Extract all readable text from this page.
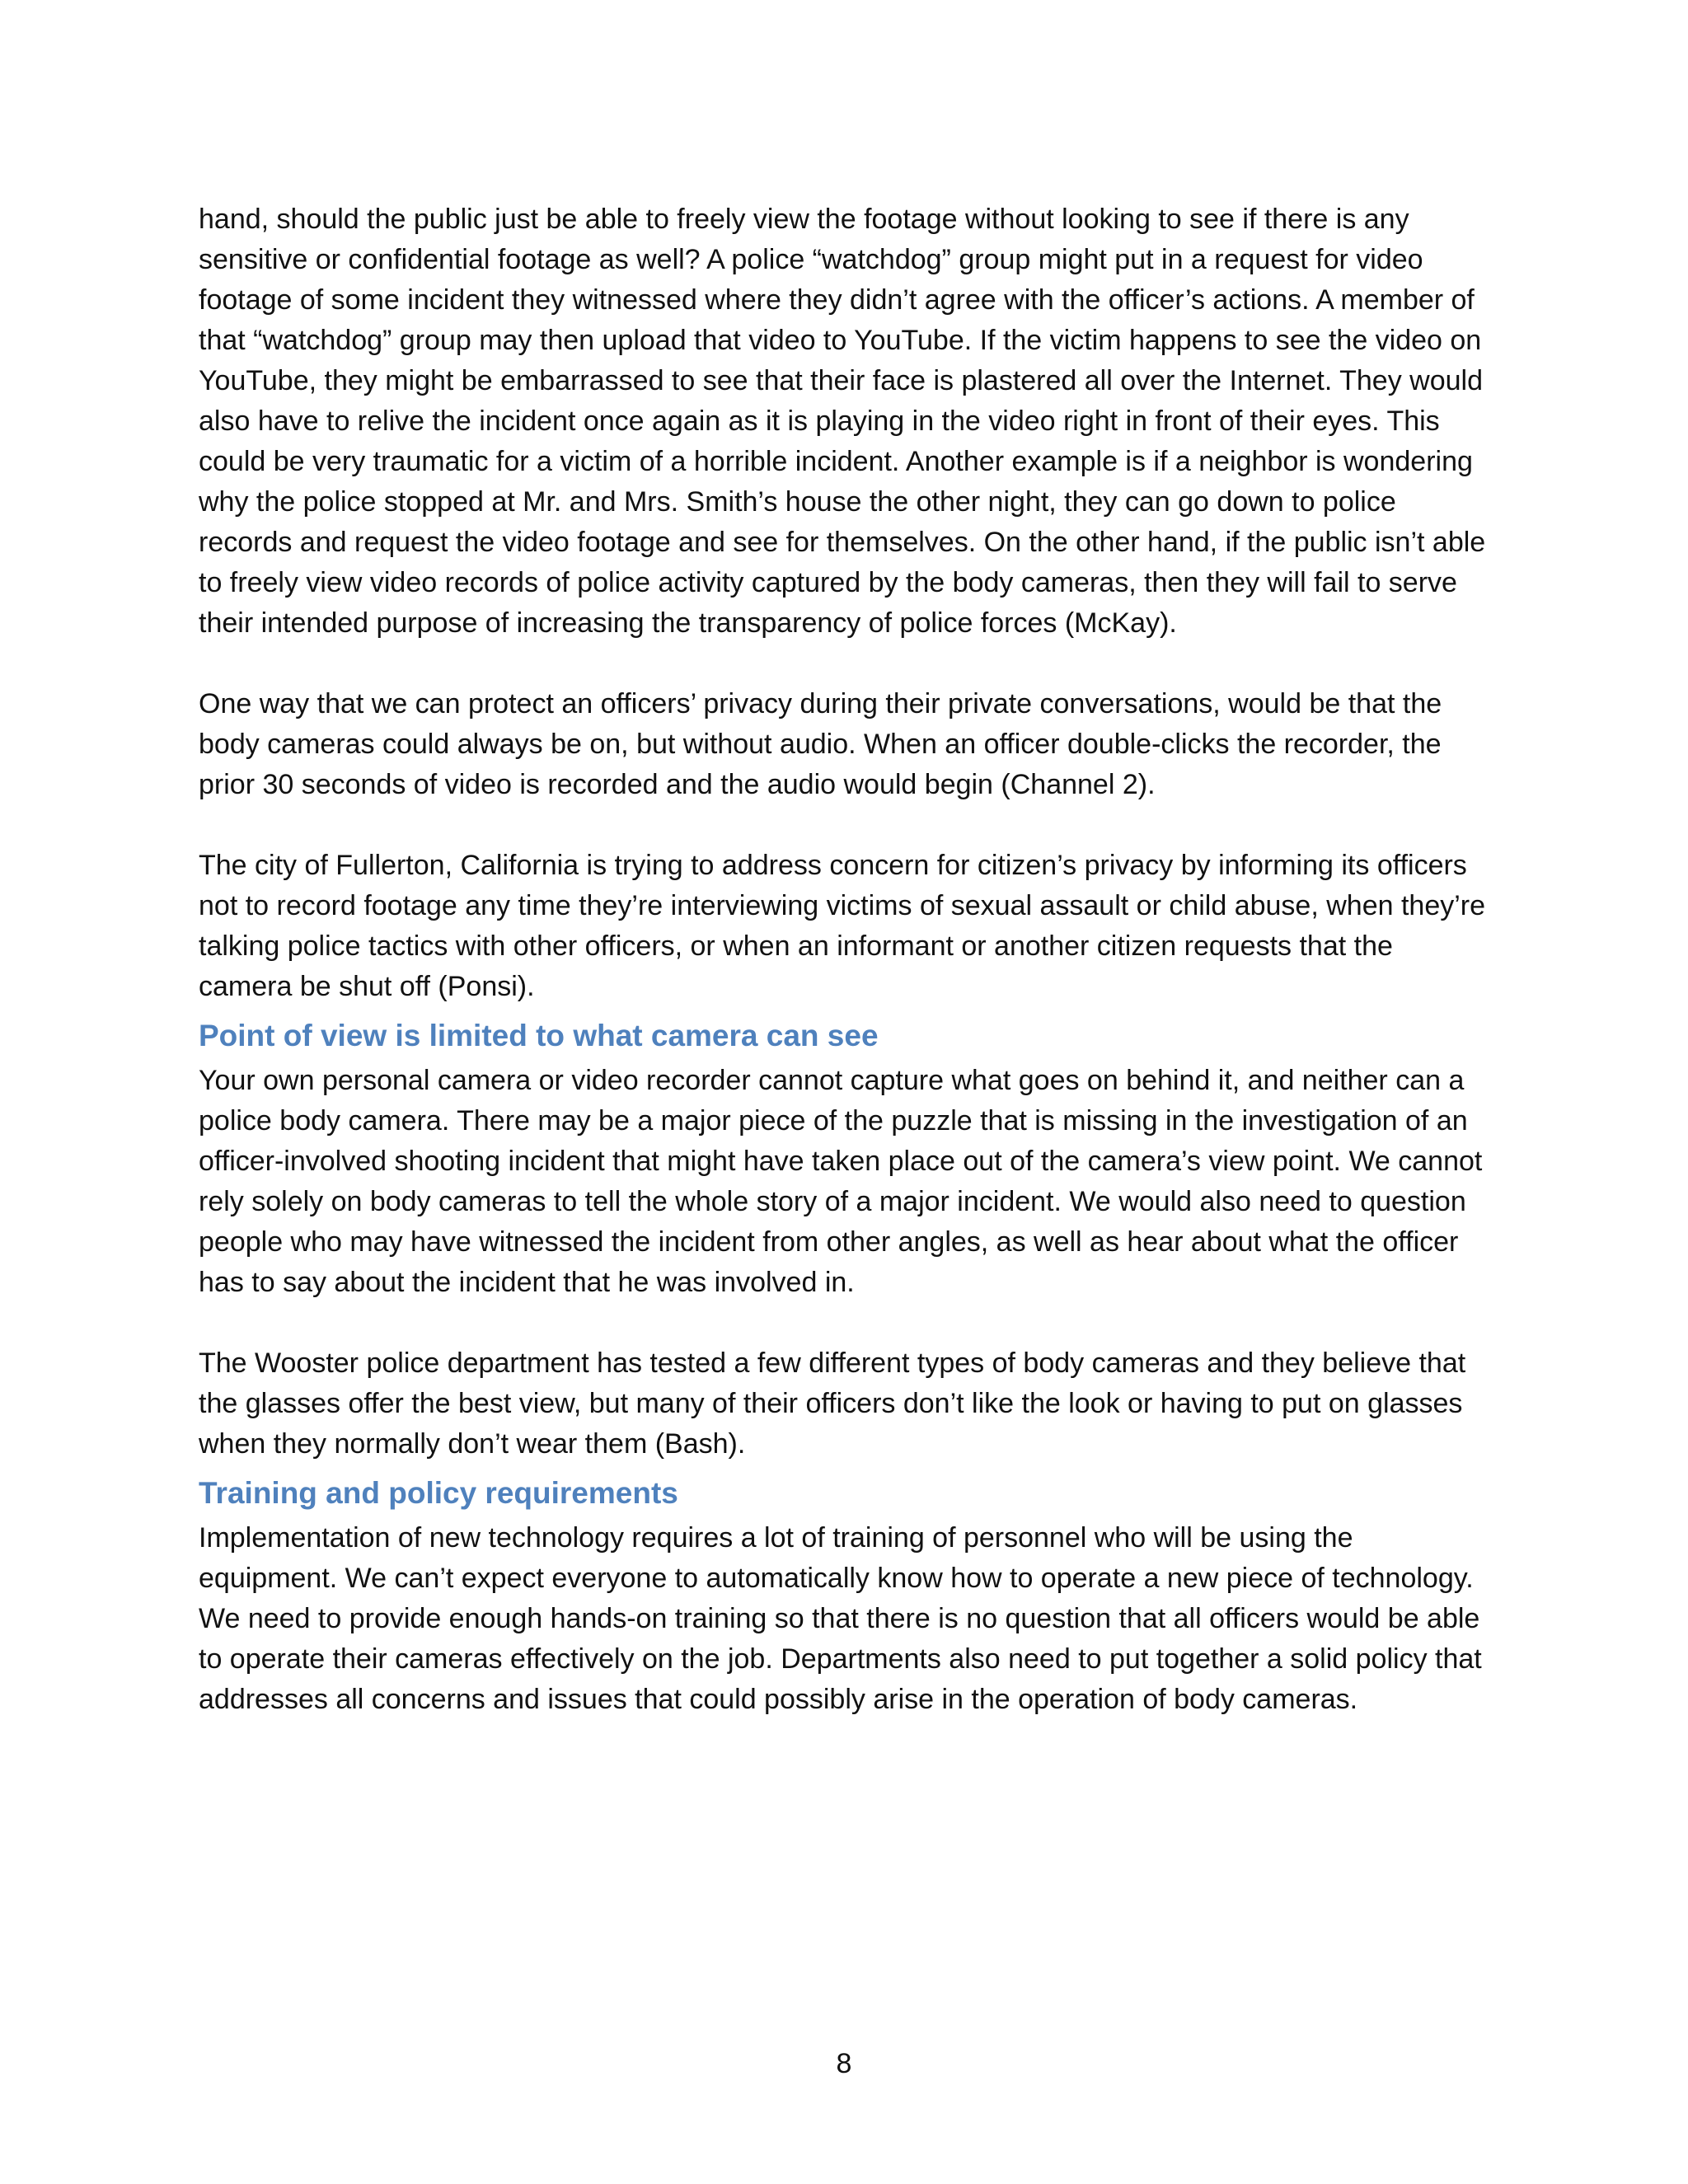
hand, should the public just be able to freely view the footage without looking to see if there is any sensitive or confidential footage as well? A police “watchdog” group might put in a request for video footage of some incident they witnessed where they didn’t agree with the officer’s actions. A member of that “watchdog” group may then upload that video to YouTube. If the victim happens to see the video on YouTube, they might be embarrassed to see that their face is plastered all over the Internet. They would also have to relive the incident once again as it is playing in the video right in front of their eyes. This could be very traumatic for a victim of a horrible incident. Another example is if a neighbor is wondering why the police stopped at Mr. and Mrs. Smith’s house the other night, they can go down to police records and request the video footage and see for themselves. On the other hand, if the public isn’t able to freely view video records of police activity captured by the body cameras, then they will fail to serve their intended purpose of increasing the transparency of police forces (McKay).

One way that we can protect an officers’ privacy during their private conversations, would be that the body cameras could always be on, but without audio. When an officer double-clicks the recorder, the prior 30 seconds of video is recorded and the audio would begin (Channel 2).

The city of Fullerton, California is trying to address concern for citizen’s privacy by informing its officers not to record footage any time they’re interviewing victims of sexual assault or child abuse, when they’re talking police tactics with other officers, or when an informant or another citizen requests that the camera be shut off (Ponsi).

Point of view is limited to what camera can see

Your own personal camera or video recorder cannot capture what goes on behind it, and neither can a police body camera. There may be a major piece of the puzzle that is missing in the investigation of an officer-involved shooting incident that might have taken place out of the camera’s view point. We cannot rely solely on body cameras to tell the whole story of a major incident. We would also need to question people who may have witnessed the incident from other angles, as well as hear about what the officer has to say about the incident that he was involved in.

The Wooster police department has tested a few different types of body cameras and they believe that the glasses offer the best view, but many of their officers don’t like the look or having to put on glasses when they normally don’t wear them (Bash).

Training and policy requirements

Implementation of new technology requires a lot of training of personnel who will be using the equipment. We can’t expect everyone to automatically know how to operate a new piece of technology. We need to provide enough hands-on training so that there is no question that all officers would be able to operate their cameras effectively on the job. Departments also need to put together a solid policy that addresses all concerns and issues that could possibly arise in the operation of body cameras.

8
